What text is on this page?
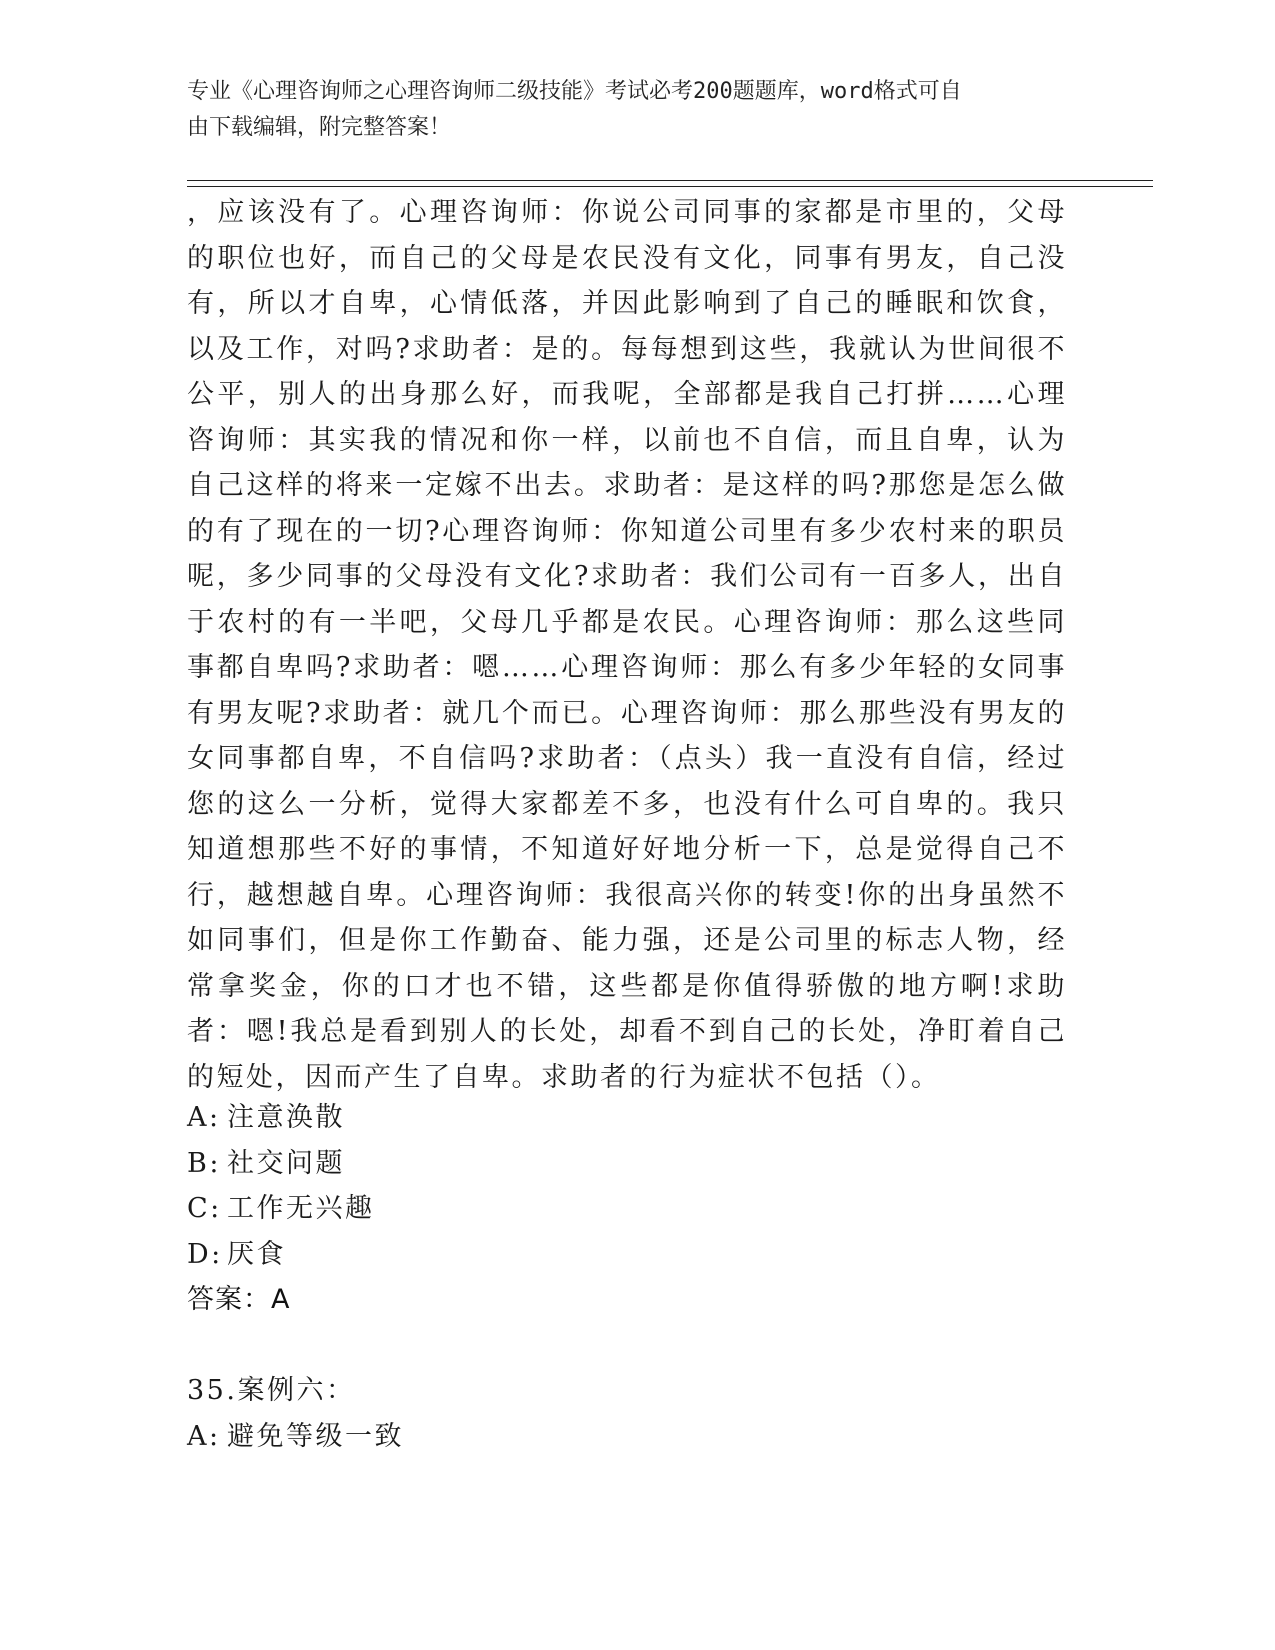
专业《心理咨询师之心理咨询师二级技能》考试必考200题题库，word格式可自
由下载编辑，附完整答案！
，应该没有了。心理咨询师：你说公司同事的家都是市里的，父母的职位也好，而自己的父母是农民没有文化，同事有男友，自己没有，所以才自卑，心情低落，并因此影响到了自己的睡眠和饮食，以及工作，对吗?求助者：是的。每每想到这些，我就认为世间很不公平，别人的出身那么好，而我呢，全部都是我自己打拼……心理咨询师：其实我的情况和你一样，以前也不自信，而且自卑，认为自己这样的将来一定嫁不出去。求助者：是这样的吗?那您是怎么做的有了现在的一切?心理咨询师：你知道公司里有多少农村来的职员呢，多少同事的父母没有文化?求助者：我们公司有一百多人，出自于农村的有一半吧，父母几乎都是农民。心理咨询师：那么这些同事都自卑吗?求助者：嗯……心理咨询师：那么有多少年轻的女同事有男友呢?求助者：就几个而已。心理咨询师：那么那些没有男友的女同事都自卑，不自信吗?求助者：（点头）我一直没有自信，经过您的这么一分析，觉得大家都差不多，也没有什么可自卑的。我只知道想那些不好的事情，不知道好好地分析一下，总是觉得自己不行，越想越自卑。心理咨询师：我很高兴你的转变!你的出身虽然不如同事们，但是你工作勤奋、能力强，还是公司里的标志人物，经常拿奖金，你的口才也不错，这些都是你值得骄傲的地方啊!求助者：嗯!我总是看到别人的长处，却看不到自己的长处，净盯着自己的短处，因而产生了自卑。求助者的行为症状不包括（）。
A: 注意涣散
B: 社交问题
C: 工作无兴趣
D: 厌食
答案：A
35.案例六：
A: 避免等级一致
